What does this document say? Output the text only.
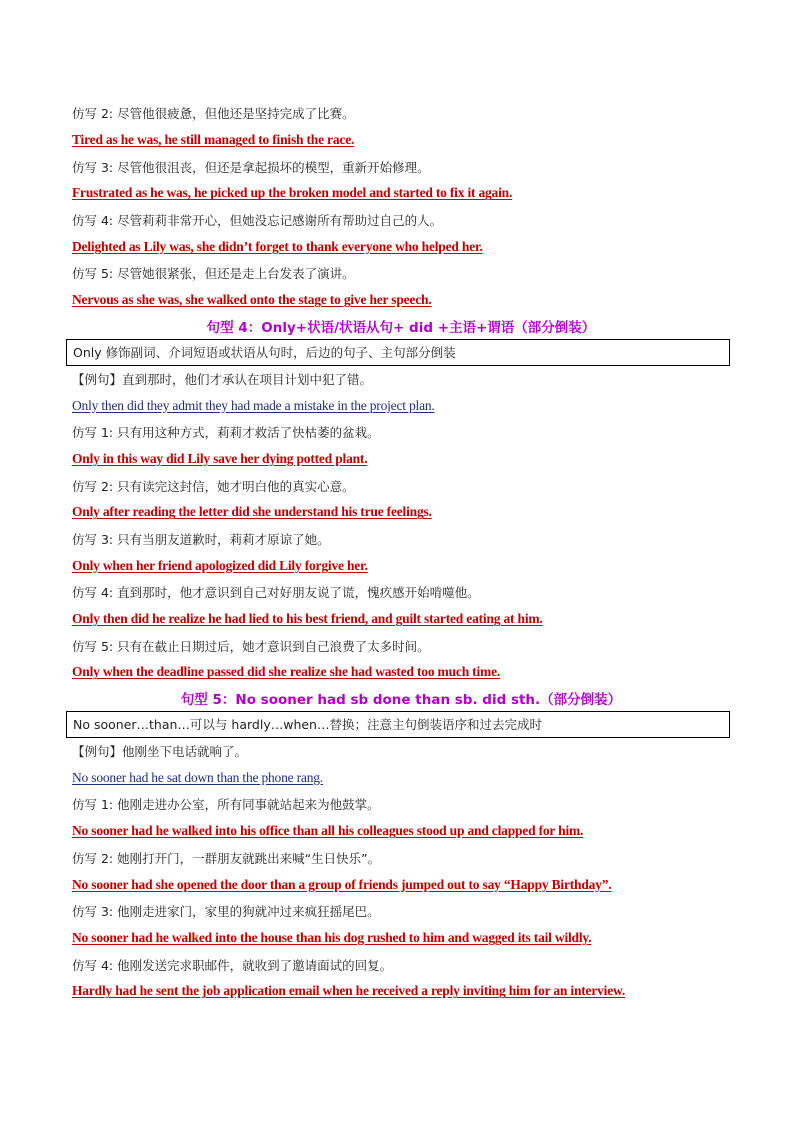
仿写 2: 尽管他很疲惫，但他还是坚持完成了比赛。
Tired as he was, he still managed to finish the race.
仿写 3: 尽管他很沮丧，但还是拿起损坏的模型，重新开始修理。
Frustrated as he was, he picked up the broken model and started to fix it again.
仿写 4: 尽管莉莉非常开心，但她没忘记感谢所有帮助过自己的人。
Delighted as Lily was, she didn’t forget to thank everyone who helped her.
仿写 5: 尽管她很紧张，但还是走上台发表了演讲。
Nervous as she was, she walked onto the stage to give her speech.
句型 4：Only+状语/状语从句+ did +主语+谓语（部分倒装）
Only 修饰副词、介词短语或状语从句时，后边的句子、主句部分倒装
【例句】直到那时，他们才承认在项目计划中犯了错。
Only then did they admit they had made a mistake in the project plan.
仿写 1: 只有用这种方式，莉莉才救活了快枯萎的盆栽。
Only in this way did Lily save her dying potted plant.
仿写 2: 只有读完这封信，她才明白他的真实心意。
Only after reading the letter did she understand his true feelings.
仿写 3: 只有当朋友道歉时，莉莉才原谅了她。
Only when her friend apologized did Lily forgive her.
仿写 4: 直到那时，他才意识到自己对好朋友说了谎，愧疚感开始啃噬他。
Only then did he realize he had lied to his best friend, and guilt started eating at him.
仿写 5: 只有在截止日期过后，她才意识到自己浪费了太多时间。
Only when the deadline passed did she realize she had wasted too much time.
句型 5：No sooner had sb done than sb. did sth.（部分倒装）
No sooner…than…可以与 hardly…when…替换；注意主句倒装语序和过去完成时
【例句】他刚坐下电话就响了。
No sooner had he sat down than the phone rang.
仿写 1: 他刚走进办公室，所有同事就站起来为他鼓掌。
No sooner had he walked into his office than all his colleagues stood up and clapped for him.
仿写 2: 她刚打开门，一群朋友就跳出来喊“生日快乐”。
No sooner had she opened the door than a group of friends jumped out to say “Happy Birthday”.
仿写 3: 他刚走进家门，家里的狗就冲过来疯狂摇尾巴。
No sooner had he walked into the house than his dog rushed to him and wagged its tail wildly.
仿写 4: 他刚发送完求职邮件，就收到了邀请面试的回复。
Hardly had he sent the job application email when he received a reply inviting him for an interview.
